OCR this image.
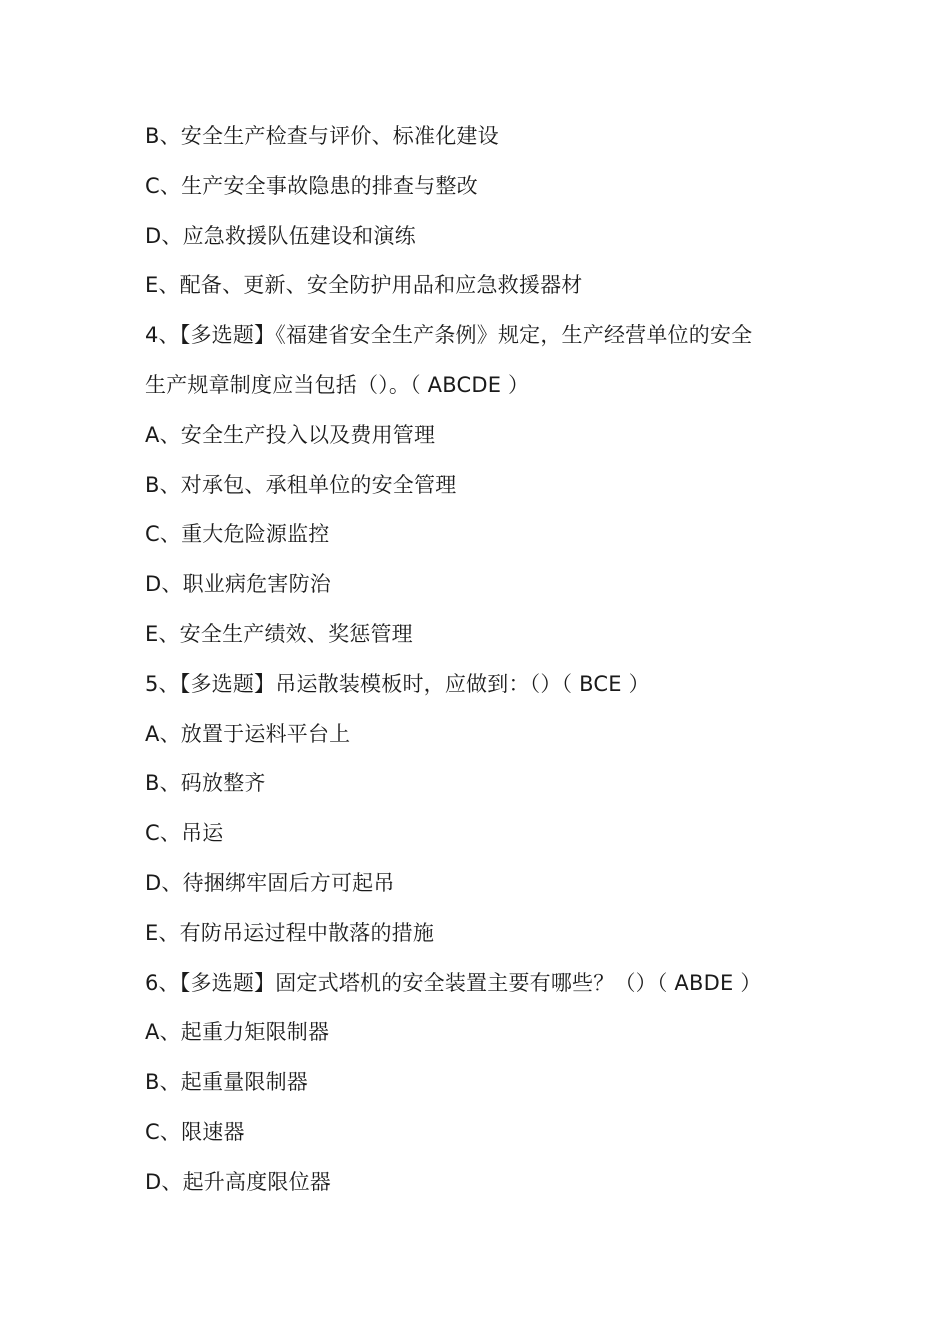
B、安全生产检查与评价、标准化建设
C、生产安全事故隐患的排查与整改
D、应急救援队伍建设和演练
E、配备、更新、安全防护用品和应急救援器材
4、【多选题】《福建省安全生产条例》规定，生产经营单位的安全
生产规章制度应当包括（）。（ ABCDE ）
A、安全生产投入以及费用管理
B、对承包、承租单位的安全管理
C、重大危险源监控
D、职业病危害防治
E、安全生产绩效、奖惩管理
5、【多选题】吊运散装模板时，应做到：（）（ BCE ）
A、放置于运料平台上
B、码放整齐
C、吊运
D、待捆绑牢固后方可起吊
E、有防吊运过程中散落的措施
6、【多选题】固定式塔机的安全装置主要有哪些？（）（ ABDE ）
A、起重力矩限制器
B、起重量限制器
C、限速器
D、起升高度限位器
